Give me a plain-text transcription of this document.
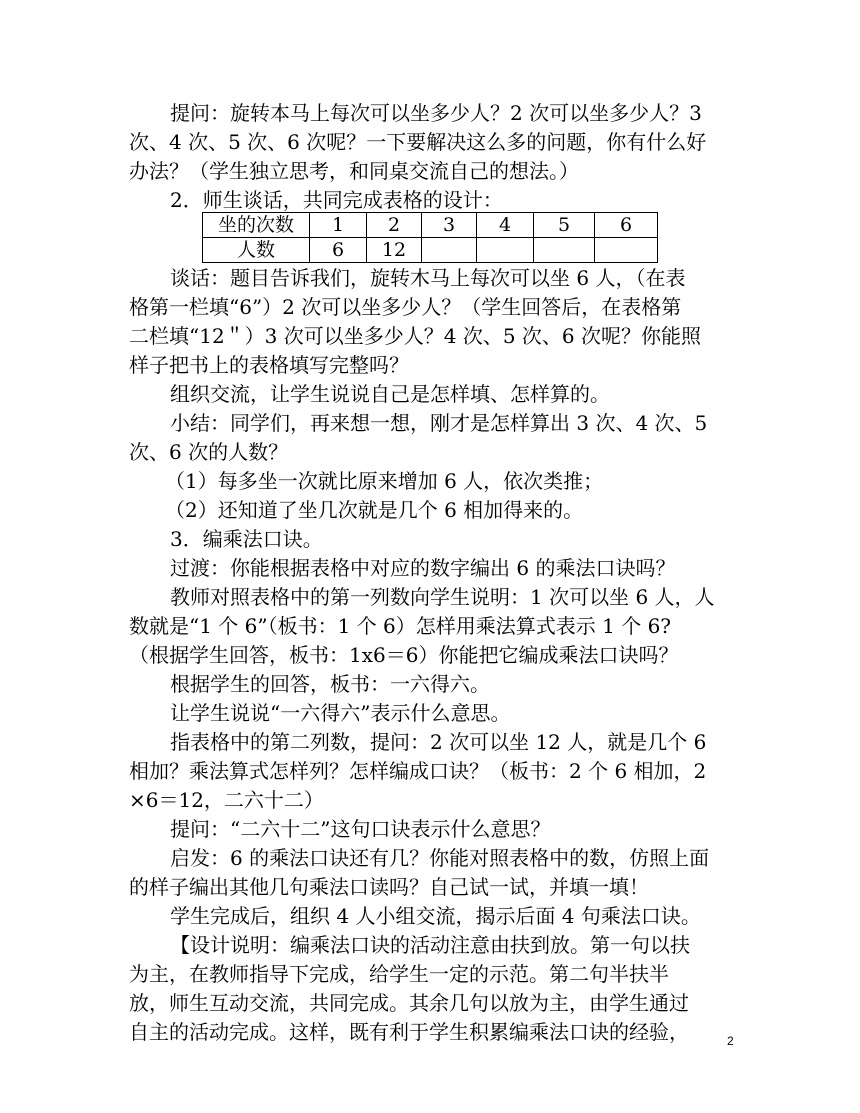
提问：旋转本马上每次可以坐多少人？2 次可以坐多少人？3
次、4 次、5 次、6 次呢？一下要解决这么多的问题，你有什么好
办法？（学生独立思考，和同桌交流自己的想法。）
2．师生谈话，共同完成表格的设计：
坐的次数	1	2	3	4	5	6
人数	6	12				
谈话：题目告诉我们，旋转木马上每次可以坐 6 人，（在表
格第一栏填“6”）2 次可以坐多少人？（学生回答后，在表格第
二栏填“12＂）3 次可以坐多少人？4 次、5 次、6 次呢？你能照
样子把书上的表格填写完整吗？
组织交流，让学生说说自己是怎样填、怎样算的。
小结：同学们，再来想一想，刚才是怎样算出 3 次、4 次、5
次、6 次的人数？
（1）每多坐一次就比原来增加 6 人，依次类推；
（2）还知道了坐几次就是几个 6 相加得来的。
3．编乘法口诀。
过渡：你能根据表格中对应的数字编出 6 的乘法口诀吗？
教师对照表格中的第一列数向学生说明：1 次可以坐 6 人，人
数就是“1 个 6”（板书：1 个 6）怎样用乘法算式表示 1 个 6?
（根据学生回答，板书：1x6＝6）你能把它编成乘法口诀吗？
根据学生的回答，板书：一六得六。
让学生说说“一六得六”表示什么意思。
指表格中的第二列数，提问：2 次可以坐 12 人，就是几个 6
相加？乘法算式怎样列？怎样编成口诀？（板书：2 个 6 相加，2
×6＝12，二六十二）
提问：“二六十二”这句口诀表示什么意思？
启发：6 的乘法口诀还有几？你能对照表格中的数，仿照上面
的样子编出其他几句乘法口读吗？自己试一试，并填一填！
学生完成后，组织 4 人小组交流，揭示后面 4 句乘法口诀。
【设计说明：编乘法口诀的活动注意由扶到放。第一句以扶
为主，在教师指导下完成，给学生一定的示范。第二句半扶半
放，师生互动交流，共同完成。其余几句以放为主，由学生通过
自主的活动完成。这样，既有利于学生积累编乘法口诀的经验，	2
